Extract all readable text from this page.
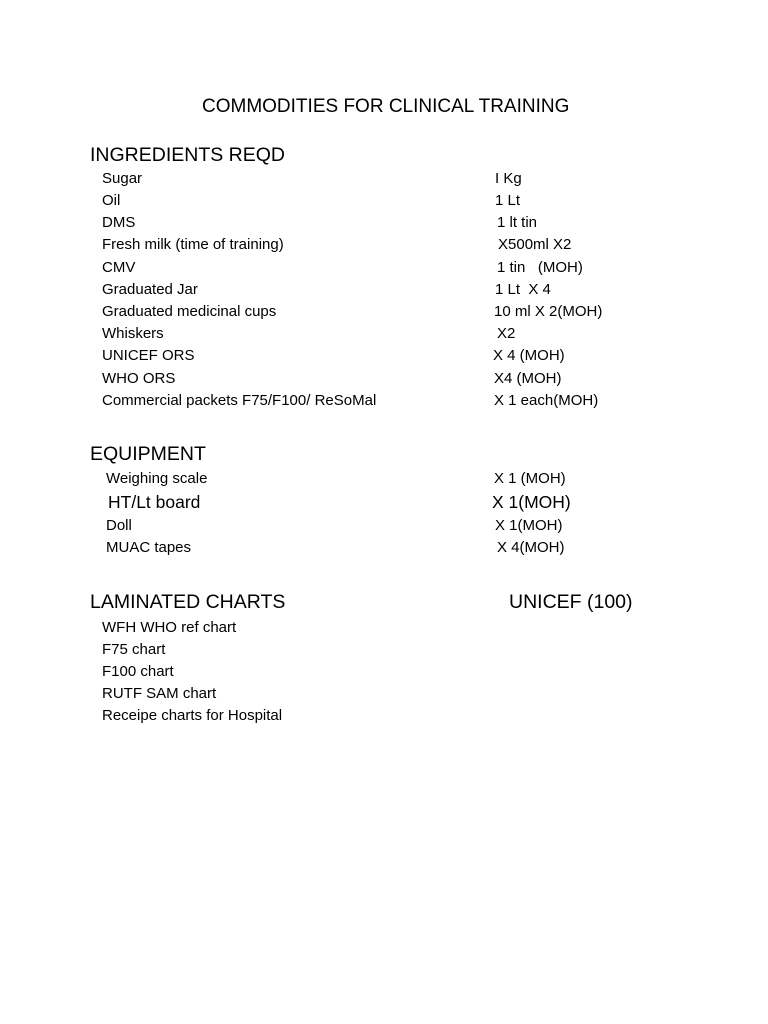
COMMODITIES FOR CLINICAL TRAINING
INGREDIENTS REQD
Sugar	I Kg
Oil	1 Lt
DMS	1 lt tin
Fresh milk (time of training)	X500ml X2
CMV	1 tin   (MOH)
Graduated Jar	1 Lt  X 4
Graduated medicinal cups	10 ml X 2(MOH)
Whiskers	X2
UNICEF ORS	X 4 (MOH)
WHO ORS	X4 (MOH)
Commercial packets F75/F100/ ReSoMal	X 1 each(MOH)
EQUIPMENT
Weighing scale	X 1 (MOH)
HT/Lt board	X 1(MOH)
Doll	X 1(MOH)
MUAC tapes	X 4(MOH)
LAMINATED CHARTS	UNICEF (100)
WFH WHO ref chart
F75 chart
F100 chart
RUTF SAM chart
Receipe charts for Hospital
